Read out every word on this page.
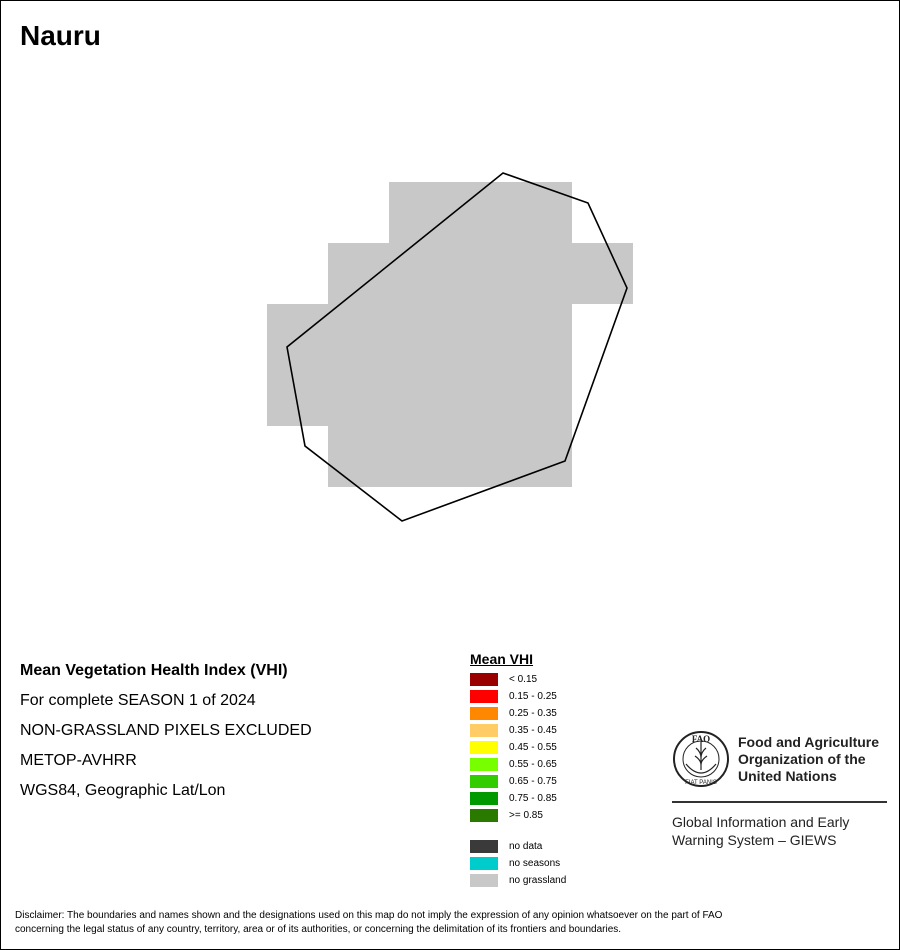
Nauru
Mean Vegetation Health Index (VHI)
For complete SEASON 1 of 2024
NON-GRASSLAND PIXELS EXCLUDED
METOP-AVHRR
WGS84, Geographic Lat/Lon
Mean VHI
< 0.15
0.15 - 0.25
0.25 - 0.35
0.35 - 0.45
0.45 - 0.55
0.55 - 0.65
0.65 - 0.75
0.75 - 0.85
>= 0.85
no data
no seasons
no grassland
FAO
FIAT PANIS
Food and Agriculture
Organization of the
United Nations
Global Information and Early
Warning System – GIEWS
Disclaimer: The boundaries and names shown and the designations used on this map do not imply the expression of any opinion whatsoever on the part of FAO
concerning the legal status of any country, territory, area or of its authorities, or concerning the delimitation of its frontiers and boundaries.
